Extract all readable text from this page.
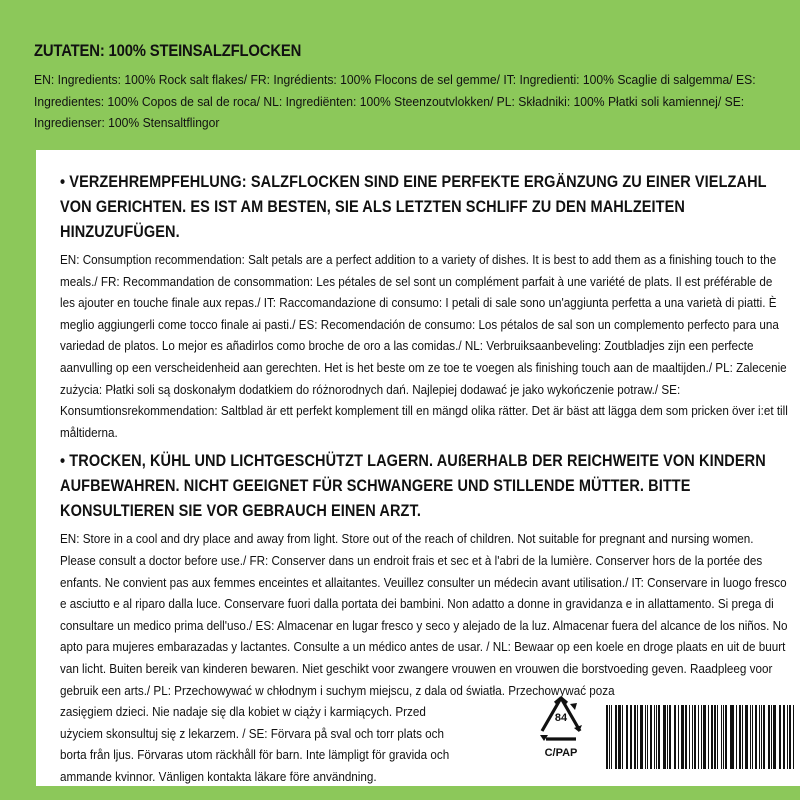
ZUTATEN: 100% STEINSALZFLOCKEN
EN: Ingredients: 100% Rock salt flakes/ FR: Ingrédients: 100% Flocons de sel gemme/ IT: Ingredienti: 100% Scaglie di salgemma/ ES: Ingredientes: 100% Copos de sal de roca/ NL: Ingrediënten: 100% Steenzoutvlokken/ PL: Składniki: 100% Płatki soli kamiennej/ SE: Ingredienser: 100% Stensaltflingor
• VERZEHREMPFEHLUNG: SALZFLOCKEN SIND EINE PERFEKTE ERGÄNZUNG ZU EINER VIELZAHL VON GERICHTEN. ES IST AM BESTEN, SIE ALS LETZTEN SCHLIFF ZU DEN MAHLZEITEN HINZUZUFÜGEN.
EN: Consumption recommendation: Salt petals are a perfect addition to a variety of dishes. It is best to add them as a finishing touch to the meals./ FR: Recommandation de consommation: Les pétales de sel sont un complément parfait à une variété de plats. Il est préférable de les ajouter en touche finale aux repas./ IT: Raccomandazione di consumo: I petali di sale sono un'aggiunta perfetta a una varietà di piatti. È meglio aggiungerli come tocco finale ai pasti./ ES: Recomendación de consumo: Los pétalos de sal son un complemento perfecto para una variedad de platos. Lo mejor es añadirlos como broche de oro a las comidas./ NL: Verbruiksaanbeveling: Zoutbladjes zijn een perfecte aanvulling op een verscheidenheid aan gerechten. Het is het beste om ze toe te voegen als finishing touch aan de maaltijden./ PL: Zalecenie zużycia: Płatki soli są doskonałym dodatkiem do różnorodnych dań. Najlepiej dodawać je jako wykończenie potraw./ SE: Konsumtionsrekommendation: Saltblad är ett perfekt komplement till en mängd olika rätter. Det är bäst att lägga dem som pricken över i:et till måltiderna.
• TROCKEN, KÜHL UND LICHTGESCHÜTZT LAGERN. AUßERHALB DER REICHWEITE VON KINDERN AUFBEWAHREN. NICHT GEEIGNET FÜR SCHWANGERE UND STILLENDE MÜTTER. BITTE KONSULTIEREN SIE VOR GEBRAUCH EINEN ARZT.
EN: Store in a cool and dry place and away from light. Store out of the reach of children. Not suitable for pregnant and nursing women. Please consult a doctor before use./ FR: Conserver dans un endroit frais et sec et à l'abri de la lumière. Conserver hors de la portée des enfants. Ne convient pas aux femmes enceintes et allaitantes. Veuillez consulter un médecin avant utilisation./ IT: Conservare in luogo fresco e asciutto e al riparo dalla luce. Conservare fuori dalla portata dei bambini. Non adatto a donne in gravidanza e in allattamento. Si prega di consultare un medico prima dell'uso./ ES: Almacenar en lugar fresco y seco y alejado de la luz. Almacenar fuera del alcance de los niños. No apto para mujeres embarazadas y lactantes. Consulte a un médico antes de usar. / NL: Bewaar op een koele en droge plaats en uit de buurt van licht. Buiten bereik van kinderen bewaren. Niet geschikt voor zwangere vrouwen en vrouwen die borstvoeding geven. Raadpleeg voor gebruik een arts./ PL: Przechowywać w chłodnym i suchym miejscu, z dala od światła. Przechowywać poza
zasięgiem dzieci. Nie nadaje się dla kobiet w ciąży i karmiących. Przed użyciem skonsultuj się z lekarzem. / SE: Förvara på sval och torr plats och borta från ljus. Förvaras utom räckhåll för barn. Inte lämpligt för gravida och ammande kvinnor. Vänligen kontakta läkare före användning.
84
C/PAP
